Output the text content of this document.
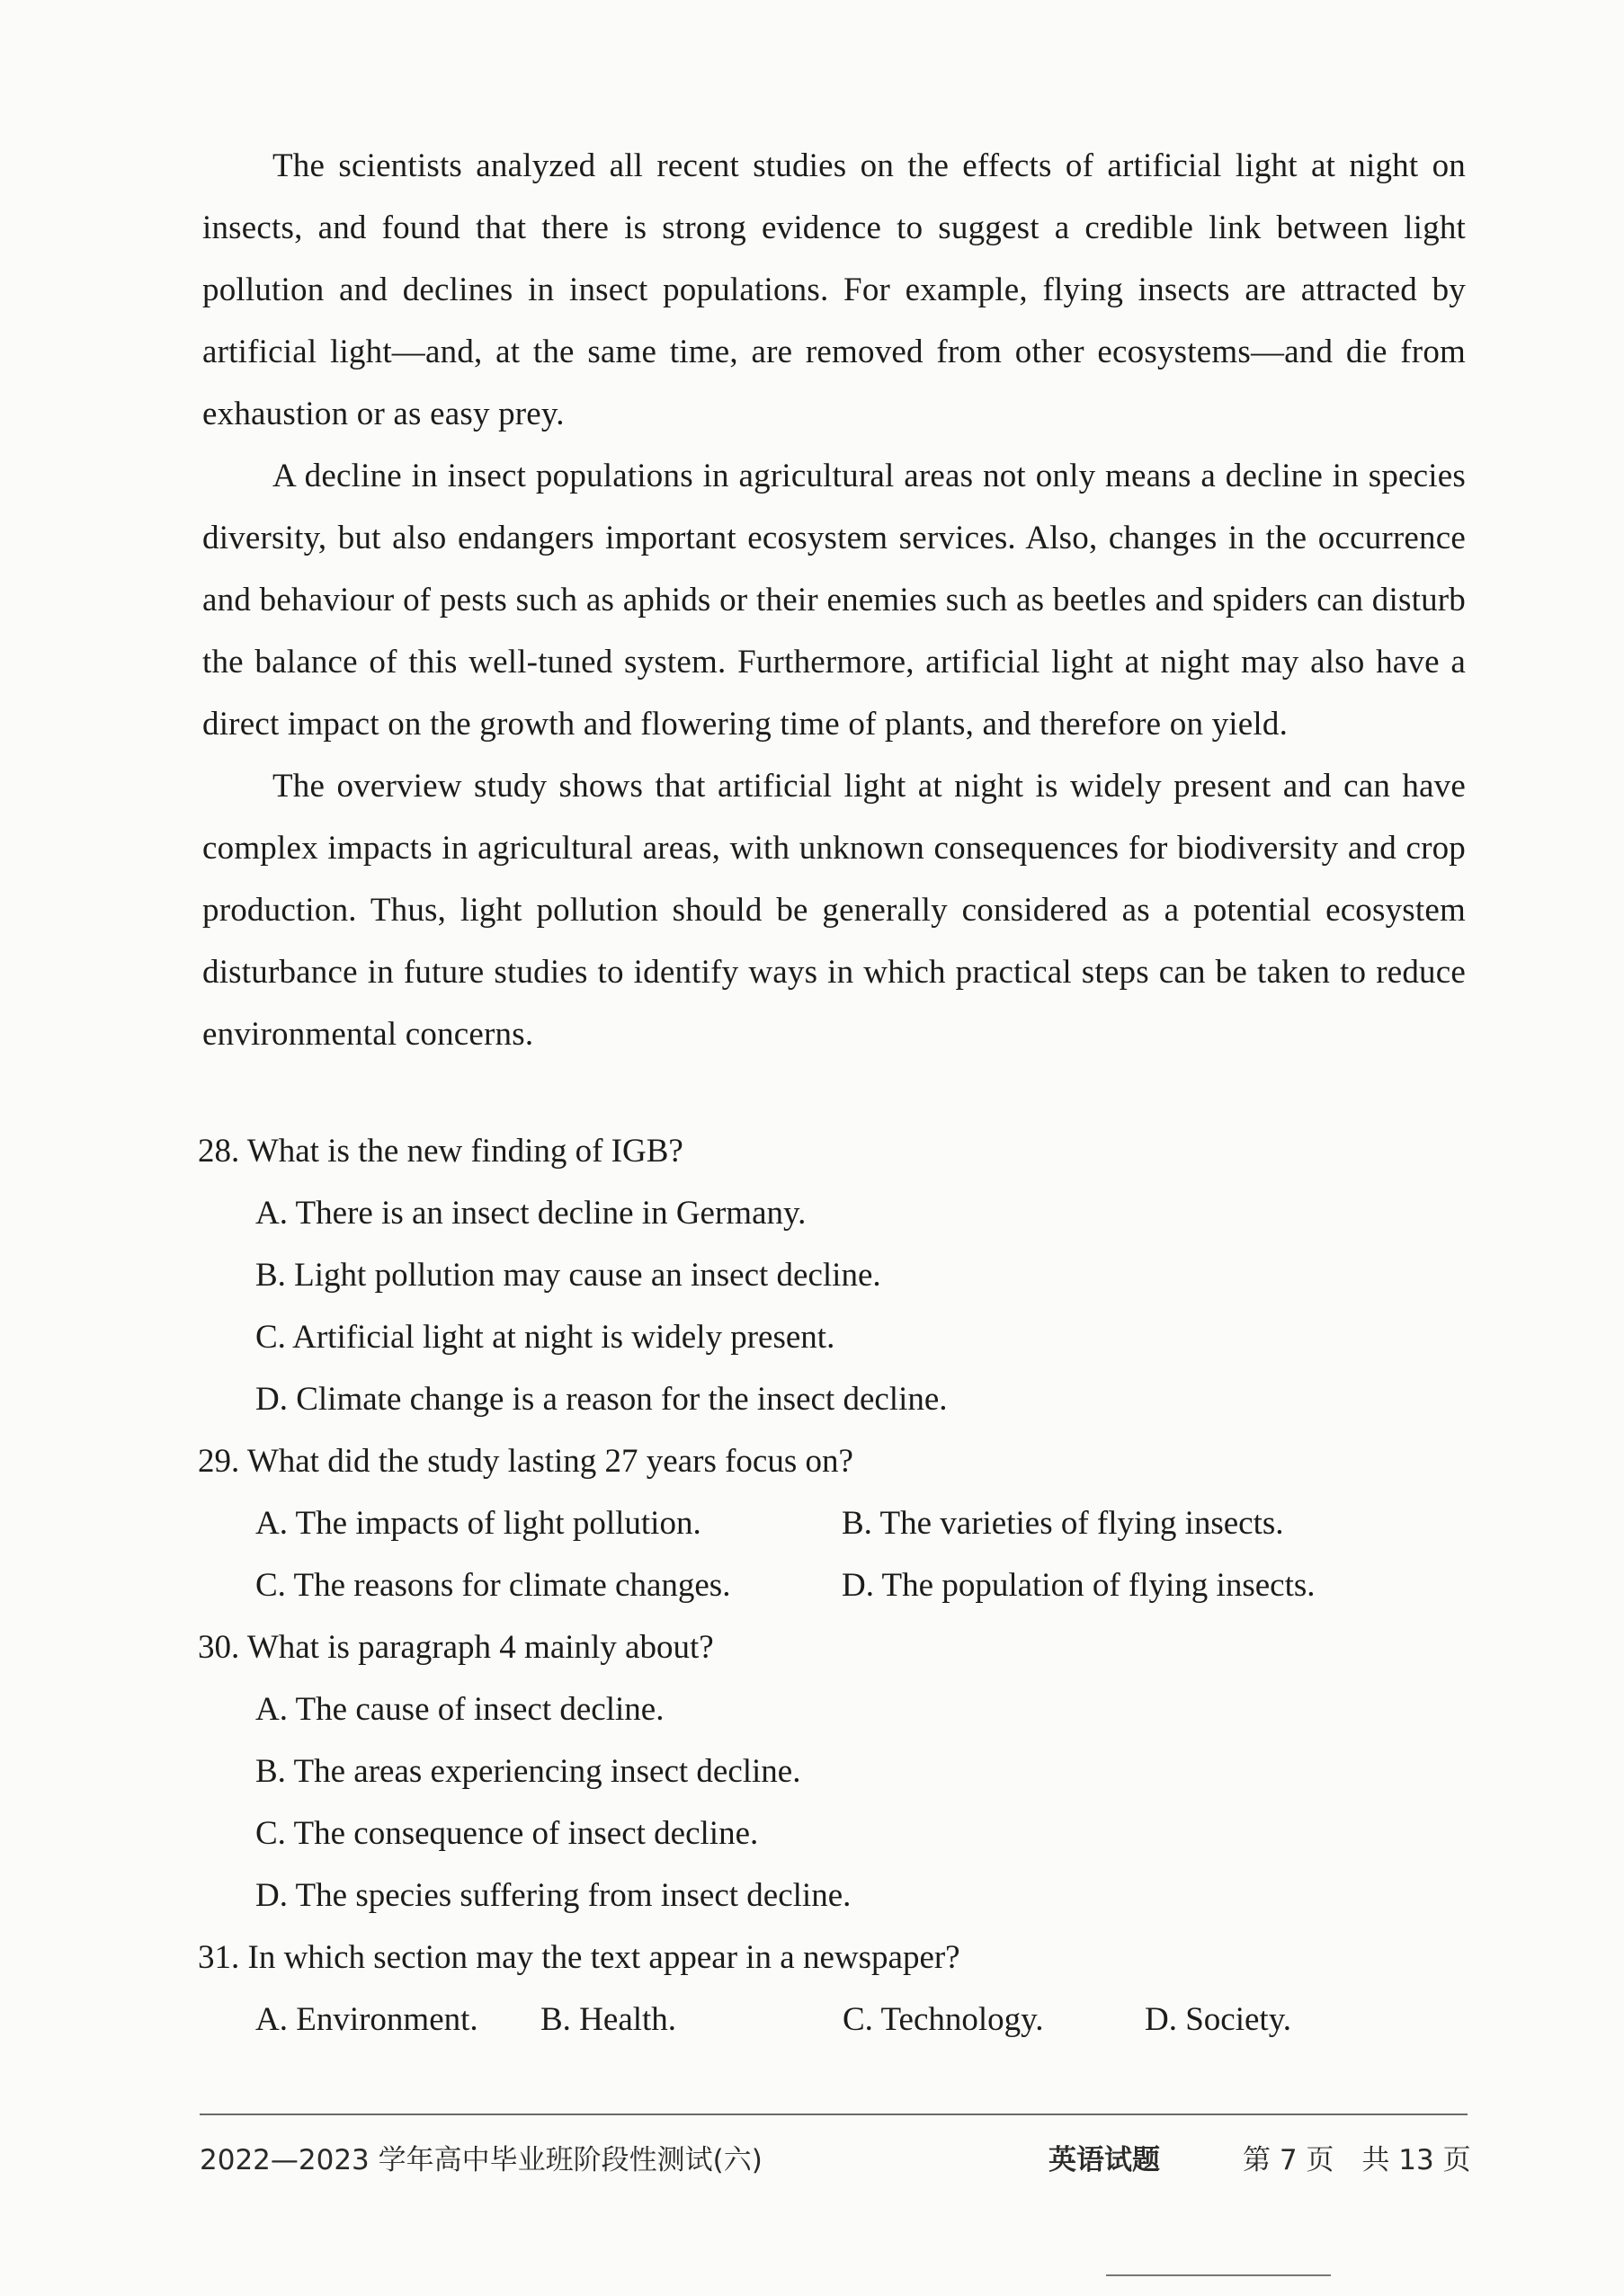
The scientists analyzed all recent studies on the effects of artificial light at night on insects, and found that there is strong evidence to suggest a credible link between light pollution and declines in insect populations. For example, flying insects are attracted by artificial light—and, at the same time, are removed from other ecosystems—and die from exhaustion or as easy prey.

A decline in insect populations in agricultural areas not only means a decline in species diversity, but also endangers important ecosystem services. Also, changes in the occurrence and behaviour of pests such as aphids or their enemies such as beetles and spiders can disturb the balance of this well-tuned system. Furthermore, artificial light at night may also have a direct impact on the growth and flowering time of plants, and therefore on yield.

The overview study shows that artificial light at night is widely present and can have complex impacts in agricultural areas, with unknown consequences for biodiversity and crop production. Thus, light pollution should be generally considered as a potential ecosystem disturbance in future studies to identify ways in which practical steps can be taken to reduce environmental concerns.

28. What is the new finding of IGB?

A. There is an insect decline in Germany.

B. Light pollution may cause an insect decline.

C. Artificial light at night is widely present.

D. Climate change is a reason for the insect decline.

29. What did the study lasting 27 years focus on?

A. The impacts of light pollution.	B. The varieties of flying insects.
C. The reasons for climate changes.	D. The population of flying insects.

30. What is paragraph 4 mainly about?

A. The cause of insect decline.

B. The areas experiencing insect decline.

C. The consequence of insect decline.

D. The species suffering from insect decline.

31. In which section may the text appear in a newspaper?

A. Environment.	B. Health.	C. Technology.	D. Society.
2022—2023 学年高中毕业班阶段性测试(六)	英语试题	第 7 页　共 13 页
